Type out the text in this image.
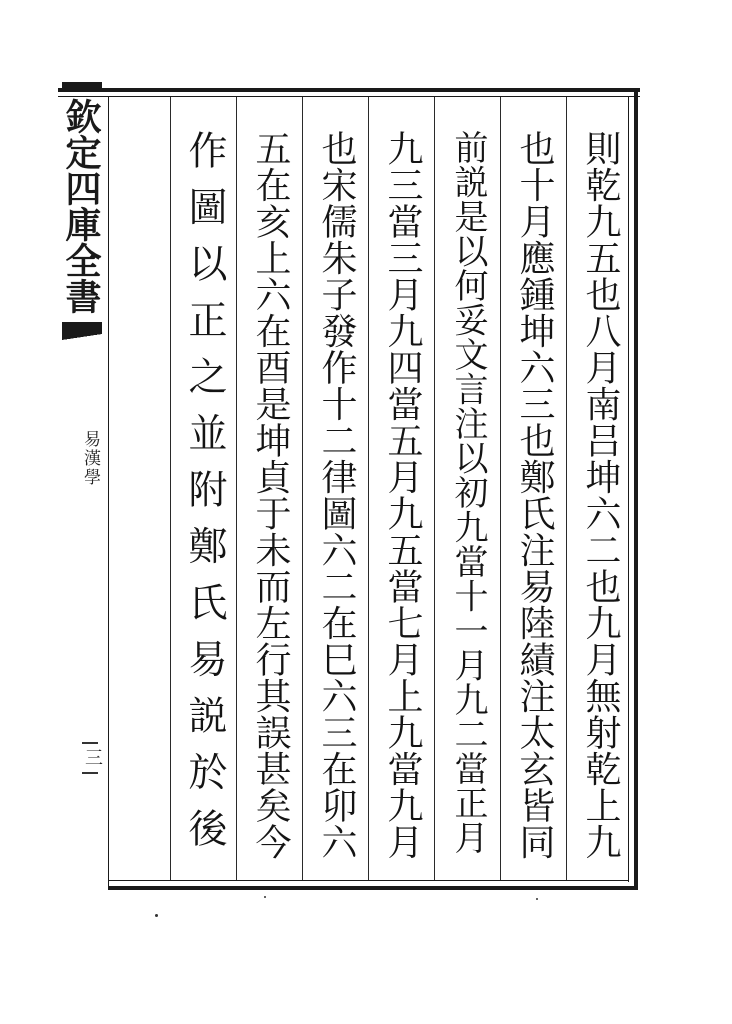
欽定四庫全書
易漢學
三	則乾九五也八月南吕坤六二也九月無射乾上九
也十月應鍾坤六三也鄭氏注易陸績注太玄皆同
前説是以何妥文言注以初九當十一月九二當正月
九三當三月九四當五月九五當七月上九當九月
也宋儒朱子發作十二律圖六二在巳六三在卯六
五在亥上六在酉是坤貞于未而左行其誤甚矣今
作圖以正之並附鄭氏易説於後
